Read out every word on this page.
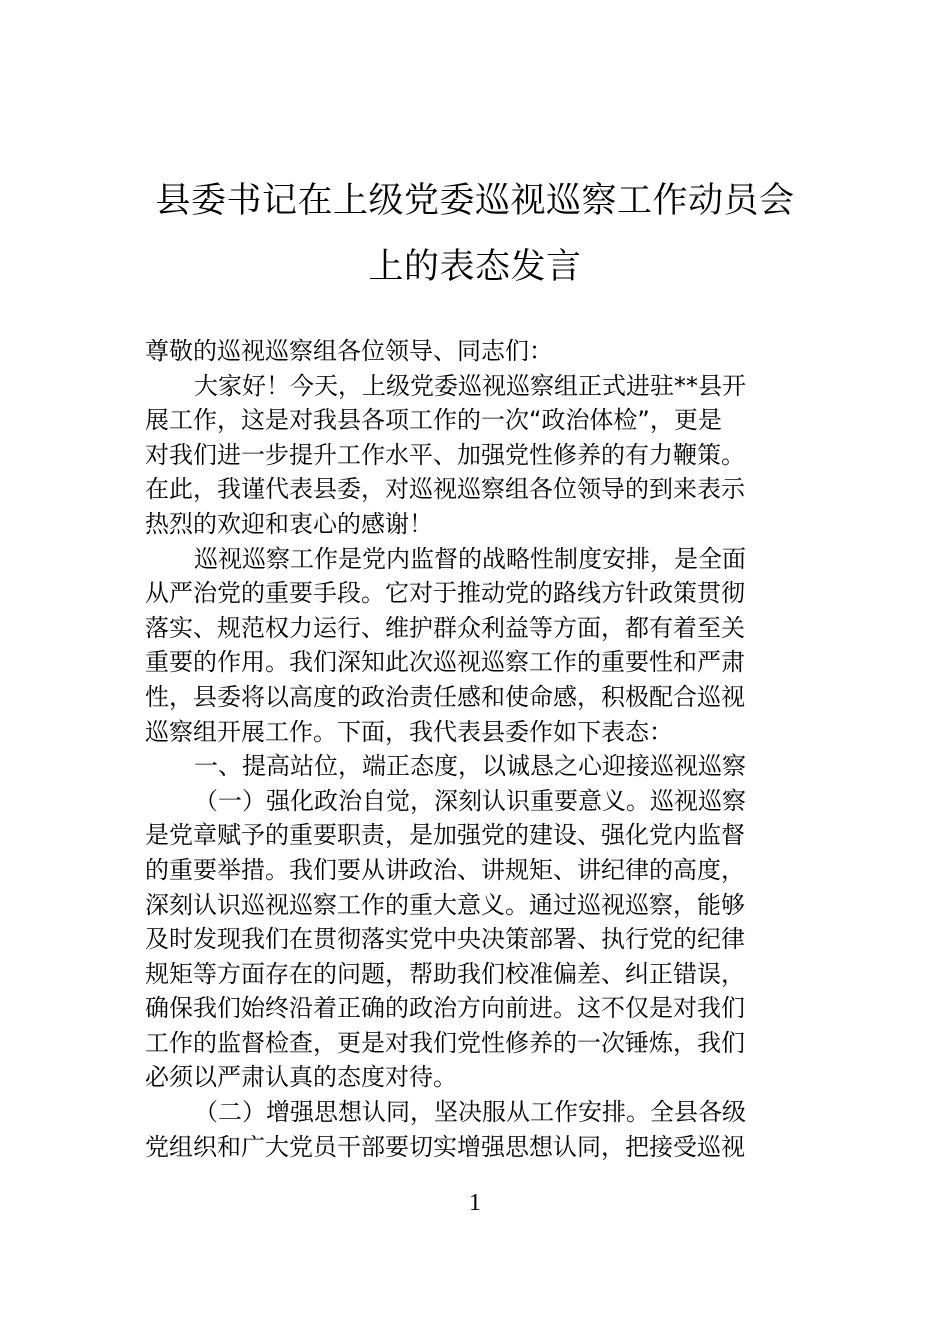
县委书记在上级党委巡视巡察工作动员会
上的表态发言
尊敬的巡视巡察组各位领导、同志们：
大家好！今天，上级党委巡视巡察组正式进驻**县开
展工作，这是对我县各项工作的一次“政治体检”，更是
对我们进一步提升工作水平、加强党性修养的有力鞭策。
在此，我谨代表县委，对巡视巡察组各位领导的到来表示
热烈的欢迎和衷心的感谢！
巡视巡察工作是党内监督的战略性制度安排，是全面
从严治党的重要手段。它对于推动党的路线方针政策贯彻
落实、规范权力运行、维护群众利益等方面，都有着至关
重要的作用。我们深知此次巡视巡察工作的重要性和严肃
性，县委将以高度的政治责任感和使命感，积极配合巡视
巡察组开展工作。下面，我代表县委作如下表态：
一、提高站位，端正态度，以诚恳之心迎接巡视巡察
（一）强化政治自觉，深刻认识重要意义。巡视巡察
是党章赋予的重要职责，是加强党的建设、强化党内监督
的重要举措。我们要从讲政治、讲规矩、讲纪律的高度，
深刻认识巡视巡察工作的重大意义。通过巡视巡察，能够
及时发现我们在贯彻落实党中央决策部署、执行党的纪律
规矩等方面存在的问题，帮助我们校准偏差、纠正错误，
确保我们始终沿着正确的政治方向前进。这不仅是对我们
工作的监督检查，更是对我们党性修养的一次锤炼，我们
必须以严肃认真的态度对待。
（二）增强思想认同，坚决服从工作安排。全县各级
党组织和广大党员干部要切实增强思想认同，把接受巡视
1
